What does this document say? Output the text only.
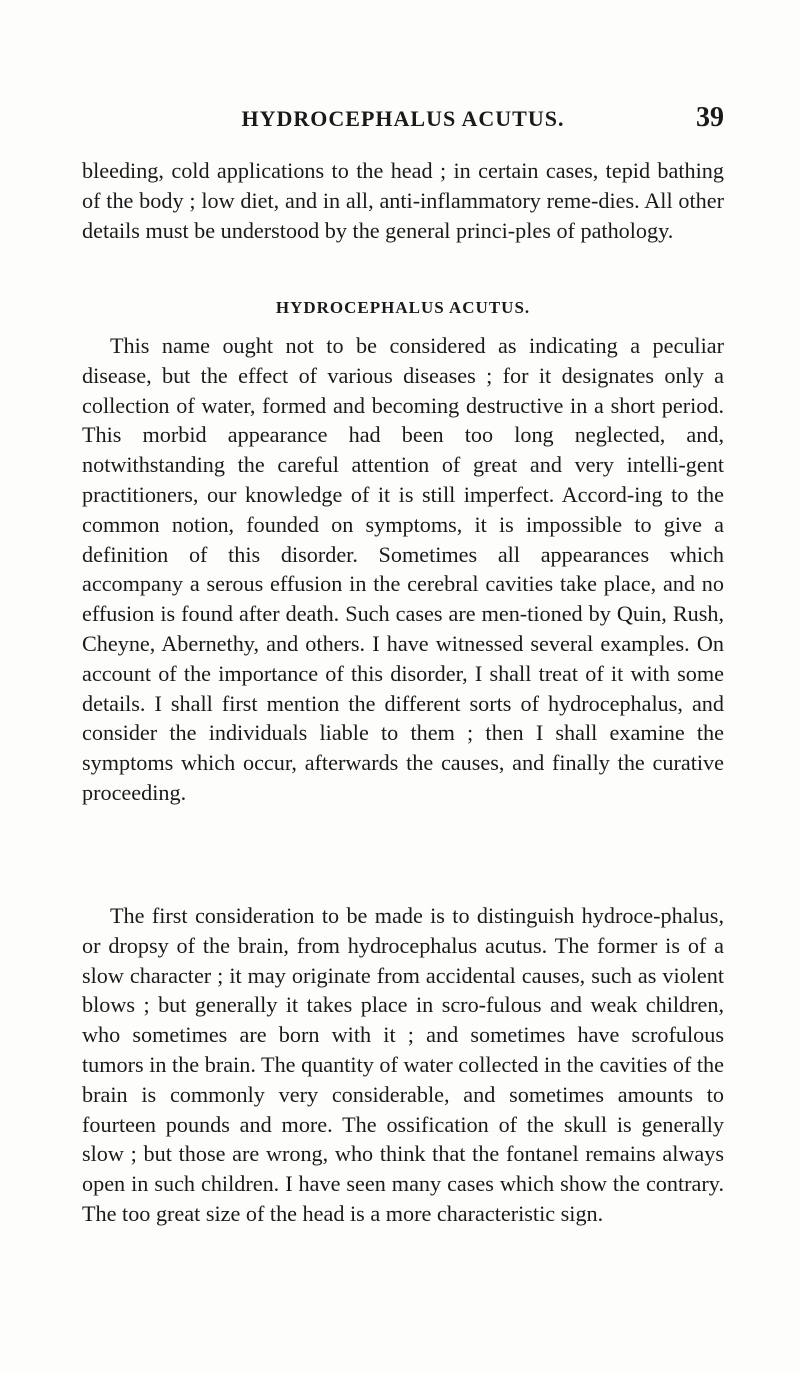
HYDROCEPHALUS ACUTUS.	39

bleeding, cold applications to the head ; in certain cases, tepid bathing of the body ; low diet, and in all, anti-inflammatory reme-dies. All other details must be understood by the general princi-ples of pathology.

HYDROCEPHALUS ACUTUS.

This name ought not to be considered as indicating a peculiar disease, but the effect of various diseases ; for it designates only a collection of water, formed and becoming destructive in a short period. This morbid appearance had been too long neglected, and, notwithstanding the careful attention of great and very intelli-gent practitioners, our knowledge of it is still imperfect. Accord-ing to the common notion, founded on symptoms, it is impossible to give a definition of this disorder. Sometimes all appearances which accompany a serous effusion in the cerebral cavities take place, and no effusion is found after death. Such cases are men-tioned by Quin, Rush, Cheyne, Abernethy, and others. I have witnessed several examples. On account of the importance of this disorder, I shall treat of it with some details. I shall first mention the different sorts of hydrocephalus, and consider the individuals liable to them ; then I shall examine the symptoms which occur, afterwards the causes, and finally the curative proceeding.

The first consideration to be made is to distinguish hydroce-phalus, or dropsy of the brain, from hydrocephalus acutus. The former is of a slow character ; it may originate from accidental causes, such as violent blows ; but generally it takes place in scro-fulous and weak children, who sometimes are born with it ; and sometimes have scrofulous tumors in the brain. The quantity of water collected in the cavities of the brain is commonly very considerable, and sometimes amounts to fourteen pounds and more. The ossification of the skull is generally slow ; but those are wrong, who think that the fontanel remains always open in such children. I have seen many cases which show the contrary. The too great size of the head is a more characteristic sign.
